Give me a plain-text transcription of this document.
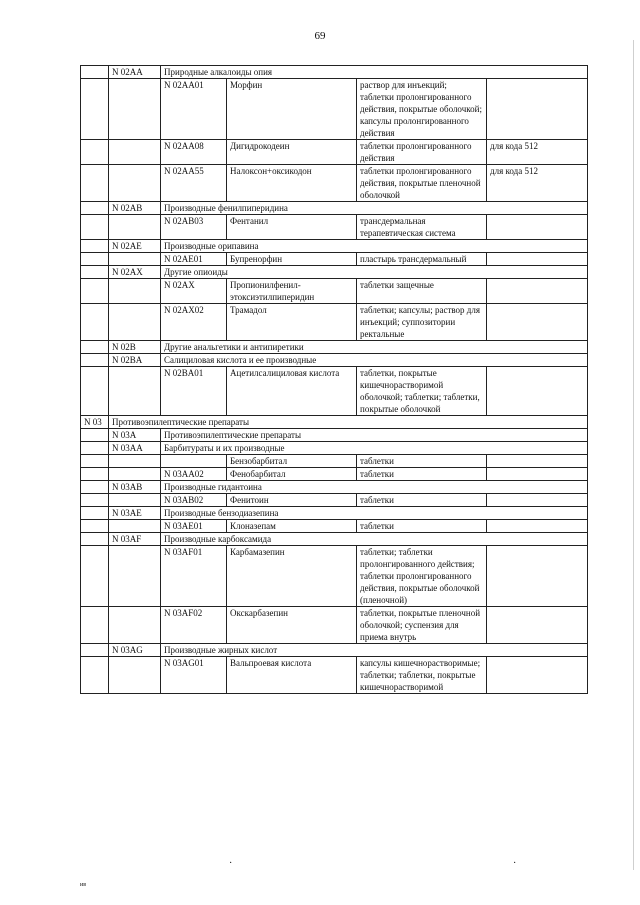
69
	N 02AA	Природные алкалоиды опия			
		N 02AA01	Морфин	раствор для инъекций; таблетки пролонгированного действия, покрытые оболочкой; капсулы пролонгированного действия	
		N 02AA08	Дигидрокодеин	таблетки пролонгированного действия	для кода 512
		N 02AA55	Налоксон+оксикодон	таблетки пролонгированного действия, покрытые пленочной оболочкой	для кода 512
	N 02AB	Производные фенилпиперидина			
		N 02AB03	Фентанил	трансдермальная терапевтическая система	
	N 02AE	Производные орипавина			
		N 02AE01	Бупренорфин	пластырь трансдермальный	
	N 02AX	Другие опиоиды			
		N 02AX	Пропионилфенил-этоксиэтилпиперидин	таблетки защечные	
		N 02AX02	Трамадол	таблетки; капсулы; раствор для инъекций; суппозитории ректальные	
	N 02B	Другие анальгетики и антипиретики			
	N 02BA	Салициловая кислота и ее производные			
		N 02BA01	Ацетилсалициловая кислота	таблетки, покрытые кишечнорастворимой оболочкой; таблетки; таблетки, покрытые оболочкой	
N 03	Противоэпилептические препараты				
	N 03A	Противоэпилептические препараты			
	N 03AA	Барбитураты и их производные			
			Бензобарбитал	таблетки	
		N 03AA02	Фенобарбитал	таблетки	
	N 03AB	Производные гидантоина			
		N 03AB02	Фенитоин	таблетки	
	N 03AE	Производные бензодиазепина			
		N 03AE01	Клоназепам	таблетки	
	N 03AF	Производные карбоксамида			
		N 03AF01	Карбамазепин	таблетки; таблетки пролонгированного действия; таблетки пролонгированного действия, покрытые оболочкой (пленочной)	
		N 03AF02	Окскарбазепин	таблетки, покрытые пленочной оболочкой; суспензия для приема внутрь	
	N 03AG	Производные жирных кислот			
		N 03AG01	Вальпроевая кислота	капсулы кишечнорастворимые; таблетки; таблетки, покрытые кишечнорастворимой	
ив
·	·
